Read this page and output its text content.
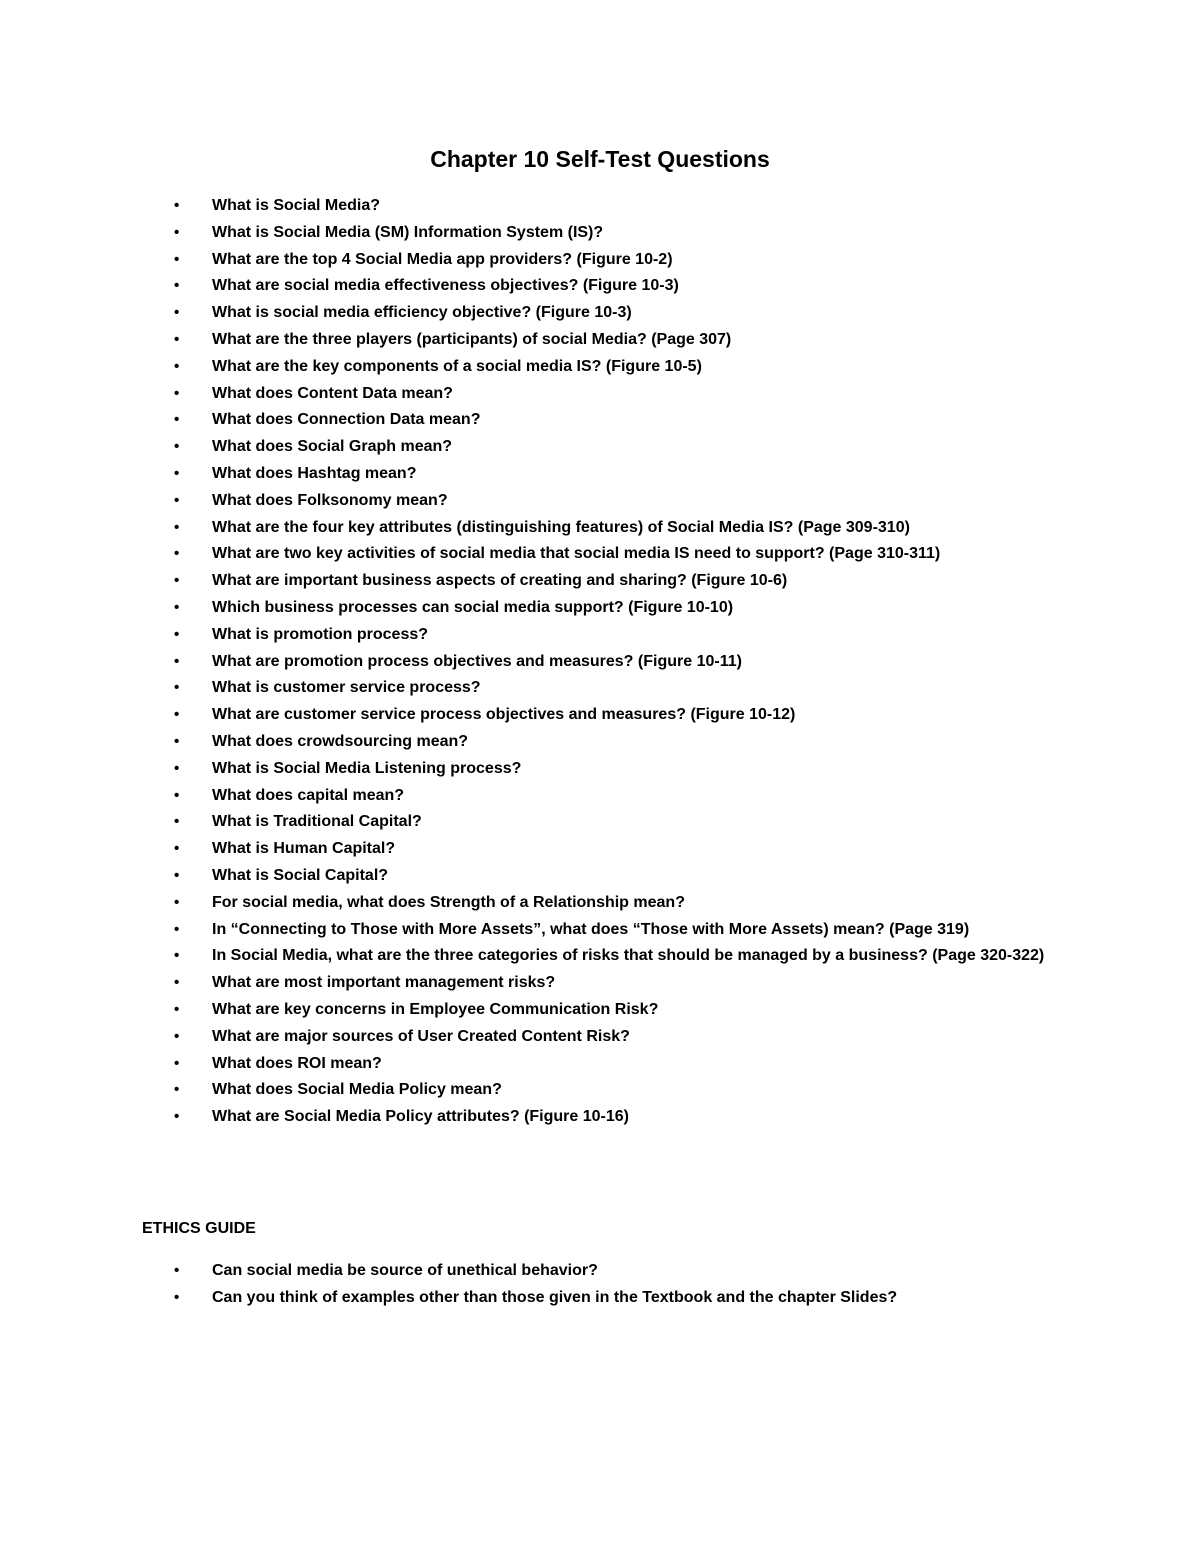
Chapter 10 Self-Test Questions
• What is Social Media?
• What is Social Media (SM) Information System (IS)?
• What are the top 4 Social Media app providers? (Figure 10-2)
• What are social media effectiveness objectives? (Figure 10-3)
• What is social media efficiency objective? (Figure 10-3)
• What are the three players (participants) of social Media? (Page 307)
• What are the key components of a social media IS? (Figure 10-5)
• What does Content Data mean?
• What does Connection Data mean?
• What does Social Graph mean?
• What does Hashtag mean?
• What does Folksonomy mean?
• What are the four key attributes (distinguishing features) of Social Media IS? (Page 309-310)
• What are two key activities of social media that social media IS need to support? (Page 310-311)
• What are important business aspects of creating and sharing? (Figure 10-6)
• Which business processes can social media support? (Figure 10-10)
• What is promotion process?
• What are promotion process objectives and measures? (Figure 10-11)
• What is customer service process?
• What are customer service process objectives and measures? (Figure 10-12)
• What does crowdsourcing mean?
• What is Social Media Listening process?
• What does capital mean?
• What is Traditional Capital?
• What is Human Capital?
• What is Social Capital?
• For social media, what does Strength of a Relationship mean?
• In “Connecting to Those with More Assets”, what does “Those with More Assets) mean? (Page 319)
• In Social Media, what are the three categories of risks that should be managed by a business? (Page 320-322)
• What are most important management risks?
• What are key concerns in Employee Communication Risk?
• What are major sources of User Created Content Risk?
• What does ROI mean?
• What does Social Media Policy mean?
• What are Social Media Policy attributes? (Figure 10-16)
ETHICS GUIDE
• Can social media be source of unethical behavior?
• Can you think of examples other than those given in the Textbook and the chapter Slides?
